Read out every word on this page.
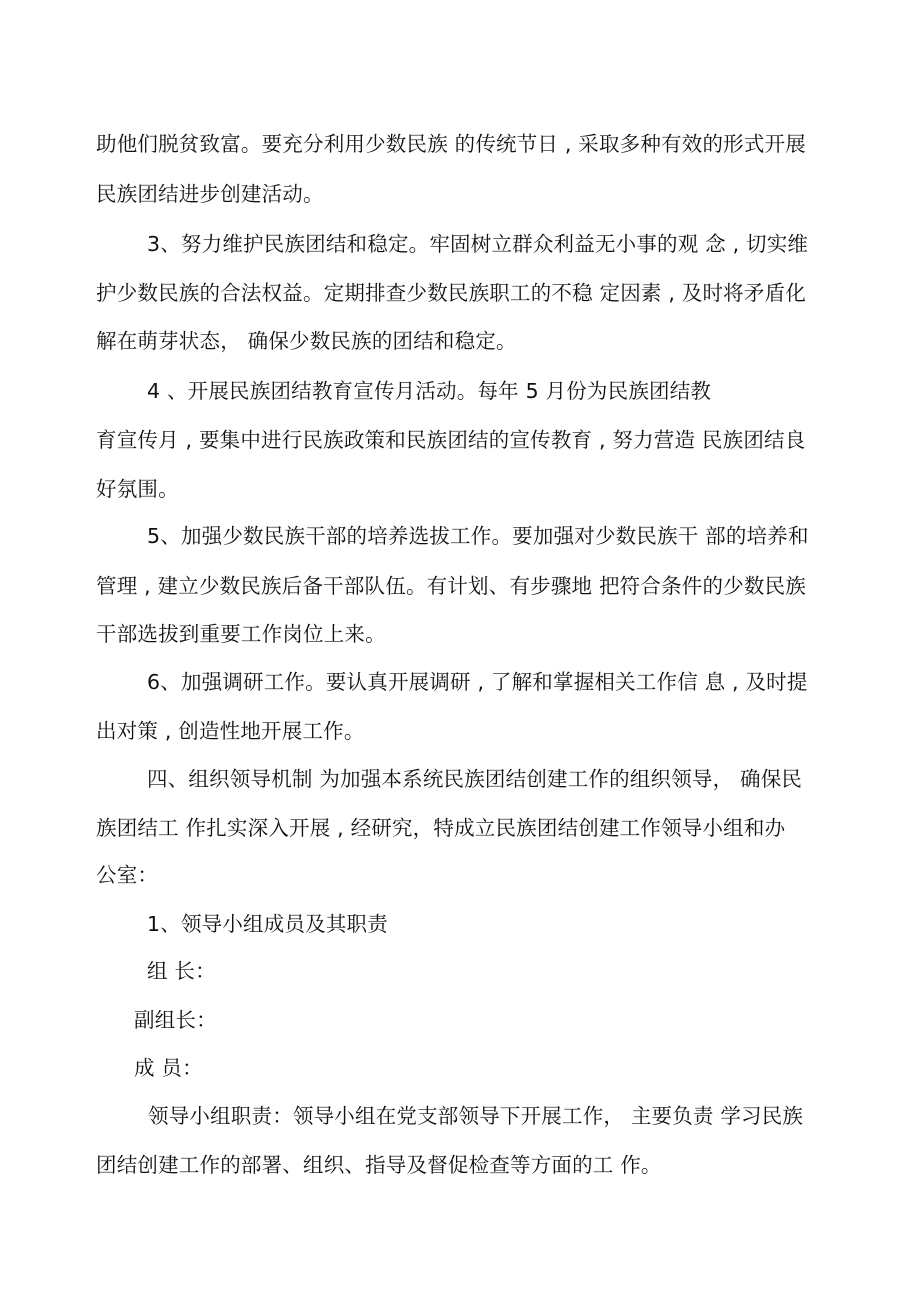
助他们脱贫致富。要充分利用少数民族 的传统节日 , 采取多种有效的形式开展
民族团结进步创建活动。
3、努力维护民族团结和稳定。牢固树立群众利益无小事的观 念 , 切实维
护少数民族的合法权益。定期排查少数民族职工的不稳 定因素 , 及时将矛盾化
解在萌芽状态， 确保少数民族的团结和稳定。
4 、开展民族团结教育宣传月活动。每年 5 月份为民族团结教
育宣传月 , 要集中进行民族政策和民族团结的宣传教育 , 努力营造 民族团结良
好氛围。
5、加强少数民族干部的培养选拔工作。要加强对少数民族干 部的培养和
管理 , 建立少数民族后备干部队伍。有计划、有步骤地 把符合条件的少数民族
干部选拔到重要工作岗位上来。
6、加强调研工作。要认真开展调研 , 了解和掌握相关工作信 息 , 及时提
出对策 , 创造性地开展工作。
四、组织领导机制 为加强本系统民族团结创建工作的组织领导， 确保民
族团结工 作扎实深入开展 , 经研究，特成立民族团结创建工作领导小组和办
公室：
1、领导小组成员及其职责
组 长：
副组长：
成 员：
领导小组职责：领导小组在党支部领导下开展工作， 主要负责 学习民族
团结创建工作的部署、组织、指导及督促检查等方面的工 作。
